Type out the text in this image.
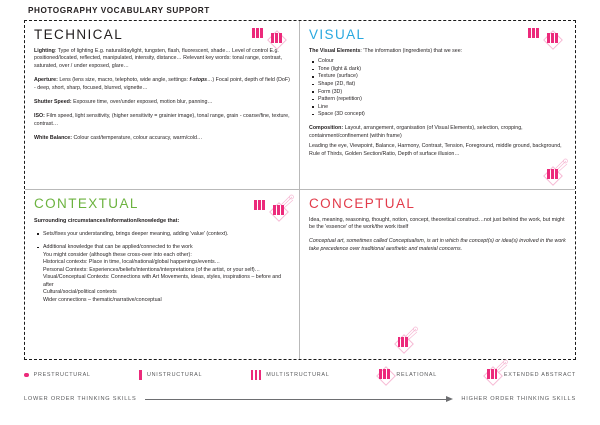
PHOTOGRAPHY VOCABULARY SUPPORT
TECHNICAL

Lighting: Type of lighting E.g. natural/daylight, tungsten, flash, fluorescent, shade… Level of control E.g. positioned/located, reflected, manipulated, intensity, distance… Relevant key words: tonal range, contrast, saturated, over / under exposed, glare…

Aperture: Lens (lens size, macro, telephoto, wide angle, settings: f-stops…) Focal point, depth of field (DoF) - deep, short, sharp, focused, blurred, vignette…

Shutter Speed: Exposure time, over/under exposed, motion blur, panning…

ISO: Film speed, light sensitivity, (higher sensitivity = grainier image), tonal range, grain - coarse/fine, texture, contrast…

White Balance: Colour cast/temperature, colour accuracy, warm/cold…

VISUAL

The Visual Elements: 'The information (ingredients) that we see:

Colour
Tone (light & dark)
Texture (surface)
Shape (2D, flat)
Form (3D)
Pattern (repetition)
Line
Space (3D concept)

Composition: Layout, arrangement, organisation (of Visual Elements), selection, cropping, containment/confinement (within frame)

Leading the eye, Viewpoint, Balance, Harmony, Contrast, Tension, Foreground, middle ground, background, Rule of Thirds, Golden Section/Ratio, Depth of surface illusion…

CONTEXTUAL

Surrounding circumstances/information/knowledge that:

Sets/fixes your understanding, brings deeper meaning, adding 'value' (context).
Additional knowledge that can be applied/connected to the work
You might consider (although these cross-over into each other):
Historical contexts: Place in time, local/national/global happenings/events…
Personal Contexts: Experiences/beliefs/intentions/interpretations (of the artist, or your self)…
Visual/Conceptual Contexts: Connections with Art Movements, ideas, styles, inspirations – before and after
Cultural/social/political contexts
Wider connections – thematic/narrative/conceptual
CONCEPTUAL

Idea, meaning, reasoning, thought, notion, concept, theoretical construct…not just behind the work, but might be the 'essence' of the work/the work itself

Conceptual art, sometimes called Conceptualism, is art in which the concept(s) or idea(s) involved in the work take precedence over traditional aesthetic and material concerns.

PRESTRUCTURAL	UNISTRUCTURAL	MULTISTRUCTURAL	RELATIONAL	EXTENDED ABSTRACT
LOWER ORDER THINKING SKILLS	HIGHER ORDER THINKING SKILLS
